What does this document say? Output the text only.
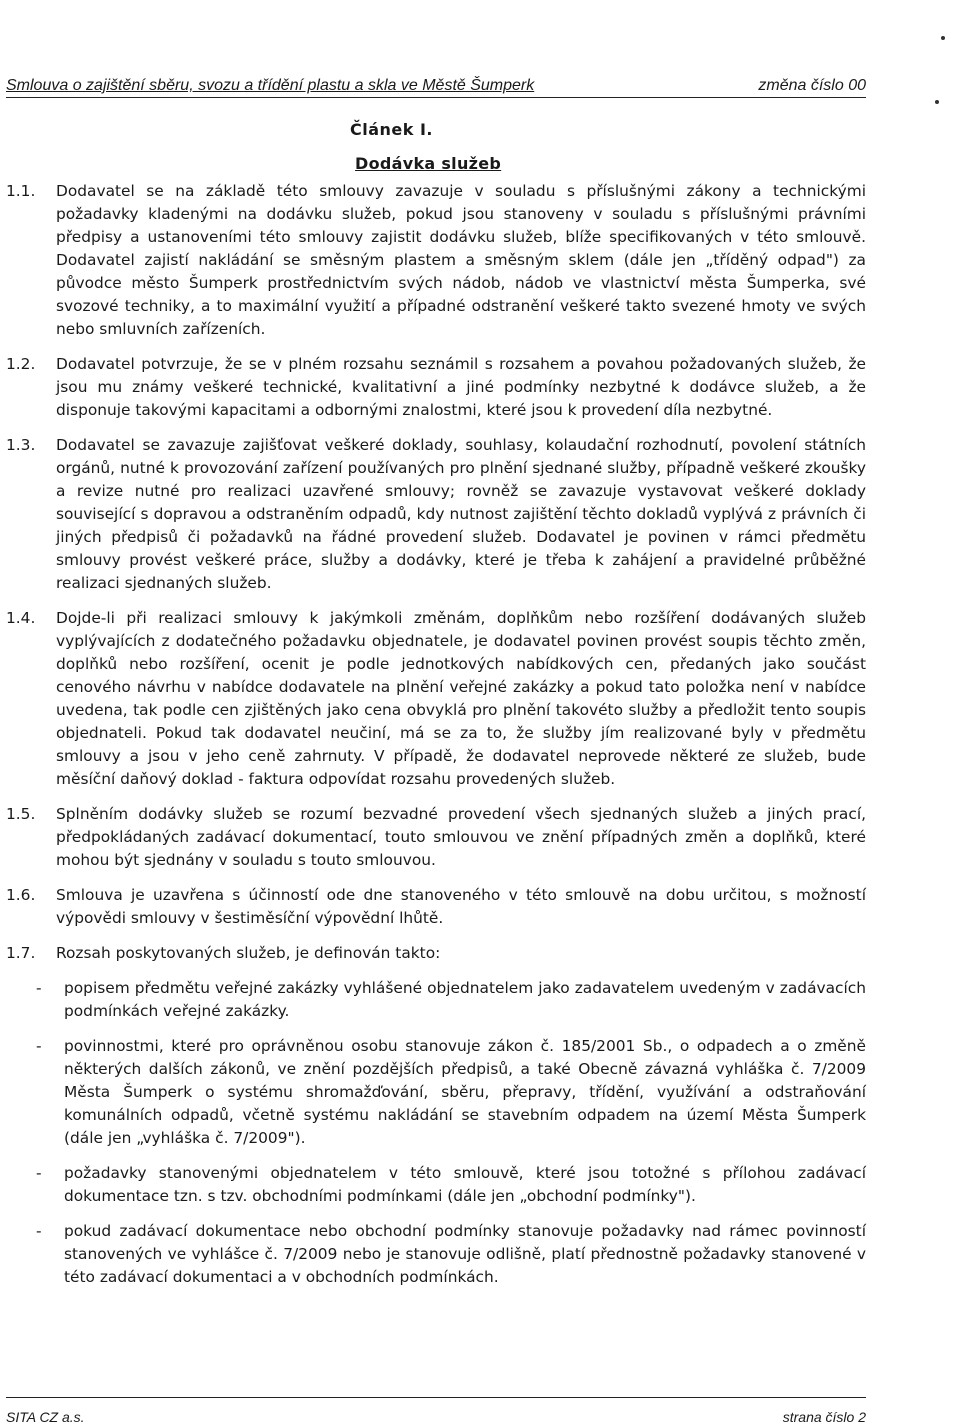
Smlouva o zajištění sběru, svozu a třídění plastu a skla ve Městě Šumperk	změna číslo 00
Článek I.
Dodávka služeb
1.1. Dodavatel se na základě této smlouvy zavazuje v souladu s příslušnými zákony a technickými požadavky kladenými na dodávku služeb, pokud jsou stanoveny v souladu s příslušnými právními předpisy a ustanoveními této smlouvy zajistit dodávku služeb, blíže specifikovaných v této smlouvě. Dodavatel zajistí nakládání se směsným plastem a směsným sklem (dále jen „tříděný odpad") za původce město Šumperk prostřednictvím svých nádob, nádob ve vlastnictví města Šumperka, své svozové techniky, a to maximální využití a případné odstranění veškeré takto svezené hmoty ve svých nebo smluvních zařízeních.
1.2. Dodavatel potvrzuje, že se v plném rozsahu seznámil s rozsahem a povahou požadovaných služeb, že jsou mu známy veškeré technické, kvalitativní a jiné podmínky nezbytné k dodávce služeb, a že disponuje takovými kapacitami a odbornými znalostmi, které jsou k provedení díla nezbytné.
1.3. Dodavatel se zavazuje zajišťovat veškeré doklady, souhlasy, kolaudační rozhodnutí, povolení státních orgánů, nutné k provozování zařízení používaných pro plnění sjednané služby, případně veškeré zkoušky a revize nutné pro realizaci uzavřené smlouvy; rovněž se zavazuje vystavovat veškeré doklady související s dopravou a odstraněním odpadů, kdy nutnost zajištění těchto dokladů vyplývá z právních či jiných předpisů či požadavků na řádné provedení služeb. Dodavatel je povinen v rámci předmětu smlouvy provést veškeré práce, služby a dodávky, které je třeba k zahájení a pravidelné průběžné realizaci sjednaných služeb.
1.4. Dojde-li při realizaci smlouvy k jakýmkoli změnám, doplňkům nebo rozšíření dodávaných služeb vyplývajících z dodatečného požadavku objednatele, je dodavatel povinen provést soupis těchto změn, doplňků nebo rozšíření, ocenit je podle jednotkových nabídkových cen, předaných jako součást cenového návrhu v nabídce dodavatele na plnění veřejné zakázky a pokud tato položka není v nabídce uvedena, tak podle cen zjištěných jako cena obvyklá pro plnění takovéto služby a předložit tento soupis objednateli. Pokud tak dodavatel neučiní, má se za to, že služby jím realizované byly v předmětu smlouvy a jsou v jeho ceně zahrnuty. V případě, že dodavatel neprovede některé ze služeb, bude měsíční daňový doklad - faktura odpovídat rozsahu provedených služeb.
1.5. Splněním dodávky služeb se rozumí bezvadné provedení všech sjednaných služeb a jiných prací, předpokládaných zadávací dokumentací, touto smlouvou ve znění případných změn a doplňků, které mohou být sjednány v souladu s touto smlouvou.
1.6. Smlouva je uzavřena s účinností ode dne stanoveného v této smlouvě na dobu určitou, s možností výpovědi smlouvy v šestiměsíční výpovědní lhůtě.
1.7. Rozsah poskytovaných služeb, je definován takto:
- popisem předmětu veřejné zakázky vyhlášené objednatelem jako zadavatelem uvedeným v zadávacích podmínkách veřejné zakázky.
- povinnostmi, které pro oprávněnou osobu stanovuje zákon č. 185/2001 Sb., o odpadech a o změně některých dalších zákonů, ve znění pozdějších předpisů, a také Obecně závazná vyhláška č. 7/2009 Města Šumperk o systému shromažďování, sběru, přepravy, třídění, využívání a odstraňování komunálních odpadů, včetně systému nakládání se stavebním odpadem na území Města Šumperk (dále jen „vyhláška č. 7/2009").
- požadavky stanovenými objednatelem v této smlouvě, které jsou totožné s přílohou zadávací dokumentace tzn. s tzv. obchodními podmínkami (dále jen „obchodní podmínky").
- pokud zadávací dokumentace nebo obchodní podmínky stanovuje požadavky nad rámec povinností stanovených ve vyhlášce č. 7/2009 nebo je stanovuje odlišně, platí přednostně požadavky stanovené v této zadávací dokumentaci a v obchodních podmínkách.
SITA CZ a.s.	strana číslo 2
